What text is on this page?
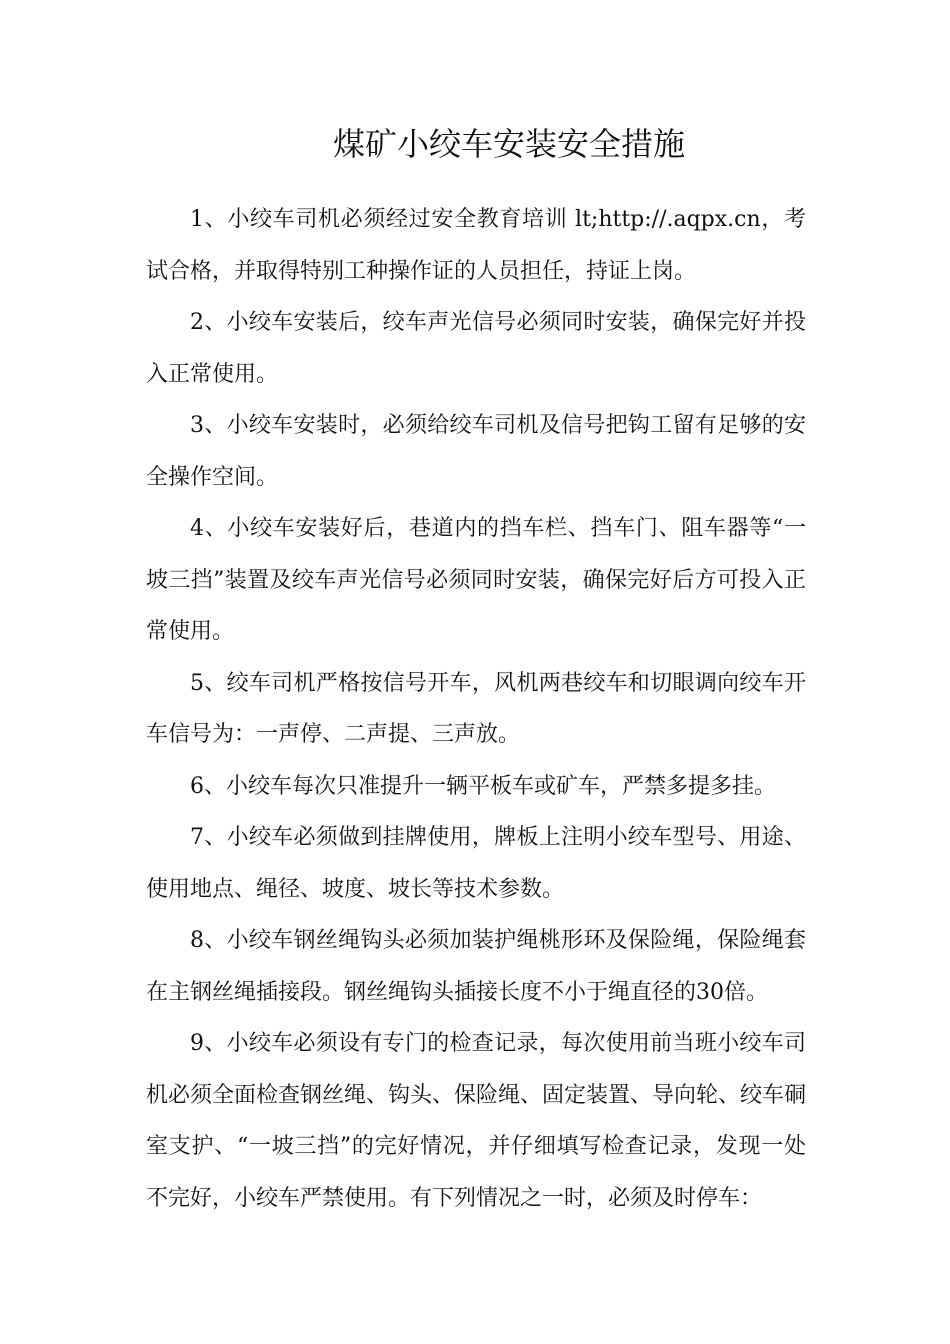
煤矿小绞车安装安全措施

1、小绞车司机必须经过安全教育培训 lt;http://.aqpx.cn，考试合格，并取得特别工种操作证的人员担任，持证上岗。

2、小绞车安装后，绞车声光信号必须同时安装，确保完好并投入正常使用。

3、小绞车安装时，必须给绞车司机及信号把钩工留有足够的安全操作空间。

4、小绞车安装好后，巷道内的挡车栏、挡车门、阻车器等“一坡三挡”装置及绞车声光信号必须同时安装，确保完好后方可投入正常使用。

5、绞车司机严格按信号开车，风机两巷绞车和切眼调向绞车开车信号为：一声停、二声提、三声放。

6、小绞车每次只准提升一辆平板车或矿车，严禁多提多挂。

7、小绞车必须做到挂牌使用，牌板上注明小绞车型号、用途、使用地点、绳径、坡度、坡长等技术参数。

8、小绞车钢丝绳钩头必须加装护绳桃形环及保险绳，保险绳套在主钢丝绳插接段。钢丝绳钩头插接长度不小于绳直径的30倍。

9、小绞车必须设有专门的检查记录，每次使用前当班小绞车司机必须全面检查钢丝绳、钩头、保险绳、固定装置、导向轮、绞车硐室支护、“一坡三挡”的完好情况，并仔细填写检查记录，发现一处不完好，小绞车严禁使用。有下列情况之一时，必须及时停车：
